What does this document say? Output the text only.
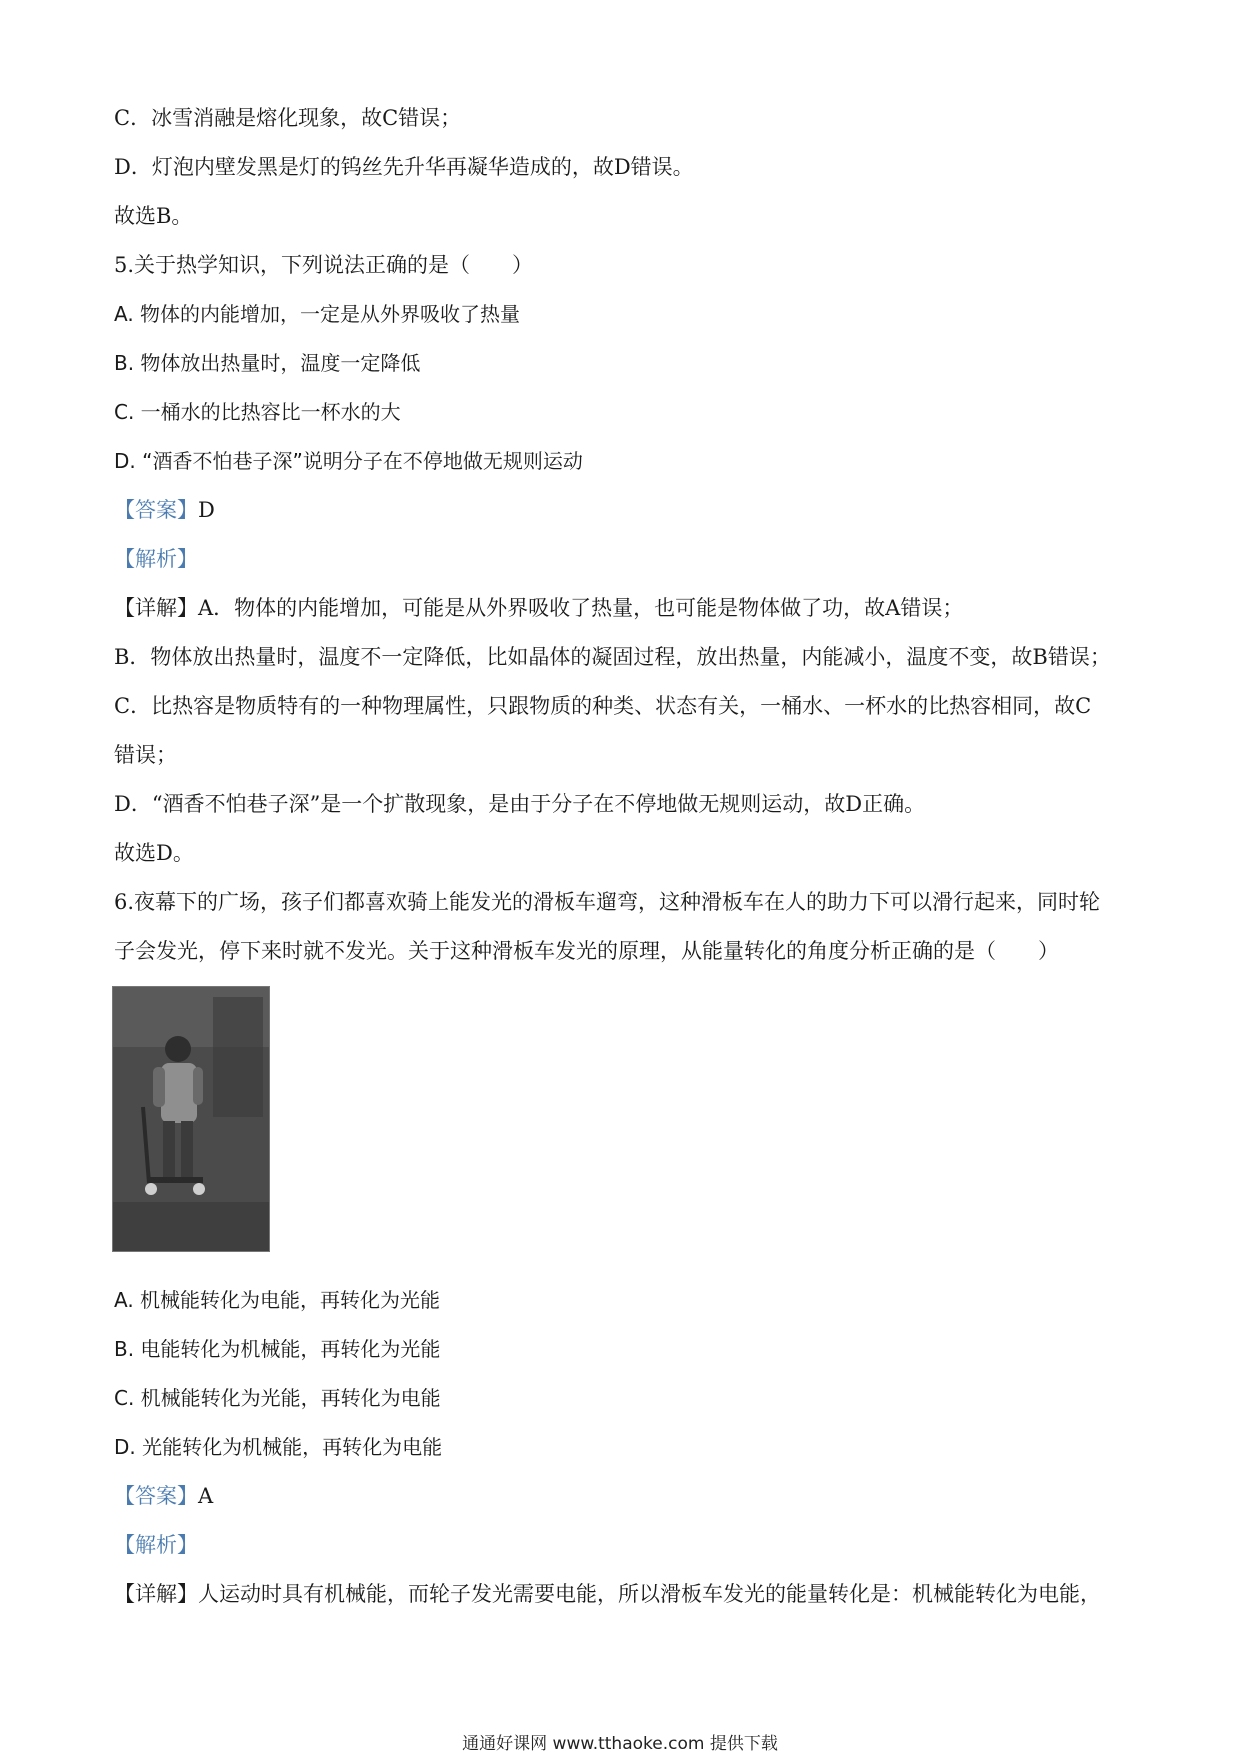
C．冰雪消融是熔化现象，故C错误；
D．灯泡内壁发黑是灯的钨丝先升华再凝华造成的，故D错误。
故选B。
5.关于热学知识，下列说法正确的是（　　）
A. 物体的内能增加，一定是从外界吸收了热量
B. 物体放出热量时，温度一定降低
C. 一桶水的比热容比一杯水的大
D. “酒香不怕巷子深”说明分子在不停地做无规则运动
【答案】D
【解析】
【详解】A．物体的内能增加，可能是从外界吸收了热量，也可能是物体做了功，故A错误；
B．物体放出热量时，温度不一定降低，比如晶体的凝固过程，放出热量，内能减小，温度不变，故B错误；
C．比热容是物质特有的一种物理属性，只跟物质的种类、状态有关，一桶水、一杯水的比热容相同，故C
错误；
D．“酒香不怕巷子深”是一个扩散现象，是由于分子在不停地做无规则运动，故D正确。
故选D。
6.夜幕下的广场，孩子们都喜欢骑上能发光的滑板车遛弯，这种滑板车在人的助力下可以滑行起来，同时轮
子会发光，停下来时就不发光。关于这种滑板车发光的原理，从能量转化的角度分析正确的是（　　）
A. 机械能转化为电能，再转化为光能
B. 电能转化为机械能，再转化为光能
C. 机械能转化为光能，再转化为电能
D. 光能转化为机械能，再转化为电能
【答案】A
【解析】
【详解】人运动时具有机械能，而轮子发光需要电能，所以滑板车发光的能量转化是：机械能转化为电能，
通通好课网 www.tthaoke.com 提供下载
